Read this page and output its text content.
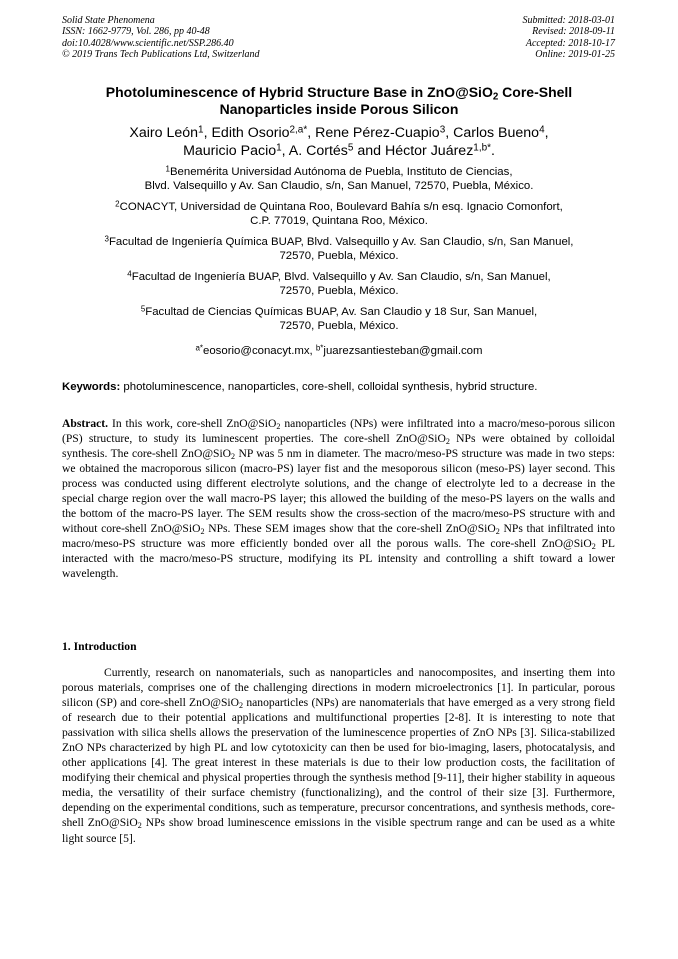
Solid State Phenomena
ISSN: 1662-9779, Vol. 286, pp 40-48
doi:10.4028/www.scientific.net/SSP.286.40
© 2019 Trans Tech Publications Ltd, Switzerland
Submitted: 2018-03-01
Revised: 2018-09-11
Accepted: 2018-10-17
Online: 2019-01-25
Photoluminescence of Hybrid Structure Base in ZnO@SiO$_2$ Core-Shell
Nanoparticles inside Porous Silicon
Xairo León$^1$, Edith Osorio$^{2,a*}$, Rene Pérez-Cuapio$^3$, Carlos Bueno$^4$,
Mauricio Pacio$^1$, A. Cortés$^5$ and Héctor Juárez$^{1,b*}$.
$^1$Benemérita Universidad Autónoma de Puebla, Instituto de Ciencias,
Blvd. Valsequillo y Av. San Claudio, s/n, San Manuel, 72570, Puebla, México.
$^2$CONACYT, Universidad de Quintana Roo, Boulevard Bahía s/n esq. Ignacio Comonfort,
C.P. 77019, Quintana Roo, México.
$^3$Facultad de Ingeniería Química BUAP, Blvd. Valsequillo y Av. San Claudio, s/n, San Manuel,
72570, Puebla, México.
$^4$Facultad de Ingeniería BUAP, Blvd. Valsequillo y Av. San Claudio, s/n, San Manuel,
72570, Puebla, México.
$^5$Facultad de Ciencias Químicas BUAP, Av. San Claudio y 18 Sur, San Manuel,
72570, Puebla, México.
$^{a*}$eosorio@conacyt.mx, $^{b*}$juarezsantiesteban@gmail.com
Keywords: photoluminescence, nanoparticles, core-shell, colloidal synthesis, hybrid structure.
Abstract. In this work, core-shell ZnO@SiO$_2$ nanoparticles (NPs) were infiltrated into a macro/meso-porous silicon (PS) structure, to study its luminescent properties. The core-shell ZnO@SiO$_2$ NPs were obtained by colloidal synthesis. The core-shell ZnO@SiO$_2$ NP was 5 nm in diameter. The macro/meso-PS structure was made in two steps: we obtained the macroporous silicon (macro-PS) layer fist and the mesoporous silicon (meso-PS) layer second. This process was conducted using different electrolyte solutions, and the change of electrolyte led to a decrease in the special charge region over the wall macro-PS layer; this allowed the building of the meso-PS layers on the walls and the bottom of the macro-PS layer. The SEM results show the cross-section of the macro/meso-PS structure with and without core-shell ZnO@SiO$_2$ NPs. These SEM images show that the core-shell ZnO@SiO$_2$ NPs that infiltrated into macro/meso-PS structure was more efficiently bonded over all the porous walls. The core-shell ZnO@SiO$_2$ PL interacted with the macro/meso-PS structure, modifying its PL intensity and controlling a shift toward a lower wavelength.
1. Introduction
Currently, research on nanomaterials, such as nanoparticles and nanocomposites, and inserting them into porous materials, comprises one of the challenging directions in modern microelectronics [1]. In particular, porous silicon (SP) and core-shell ZnO@SiO$_2$ nanoparticles (NPs) are nanomaterials that have emerged as a very strong field of research due to their potential applications and multifunctional properties [2-8]. It is interesting to note that passivation with silica shells allows the preservation of the luminescence properties of ZnO NPs [3]. Silica-stabilized ZnO NPs characterized by high PL and low cytotoxicity can then be used for bio-imaging, lasers, photocatalysis, and other applications [4]. The great interest in these materials is due to their low production costs, the facilitation of modifying their chemical and physical properties through the synthesis method [9-11], their higher stability in aqueous media, the versatility of their surface chemistry (functionalizing), and the control of their size [3]. Furthermore, depending on the experimental conditions, such as temperature, precursor concentrations, and synthesis methods, core-shell ZnO@SiO$_2$ NPs show broad luminescence emissions in the visible spectrum range and can be used as a white light source [5].
